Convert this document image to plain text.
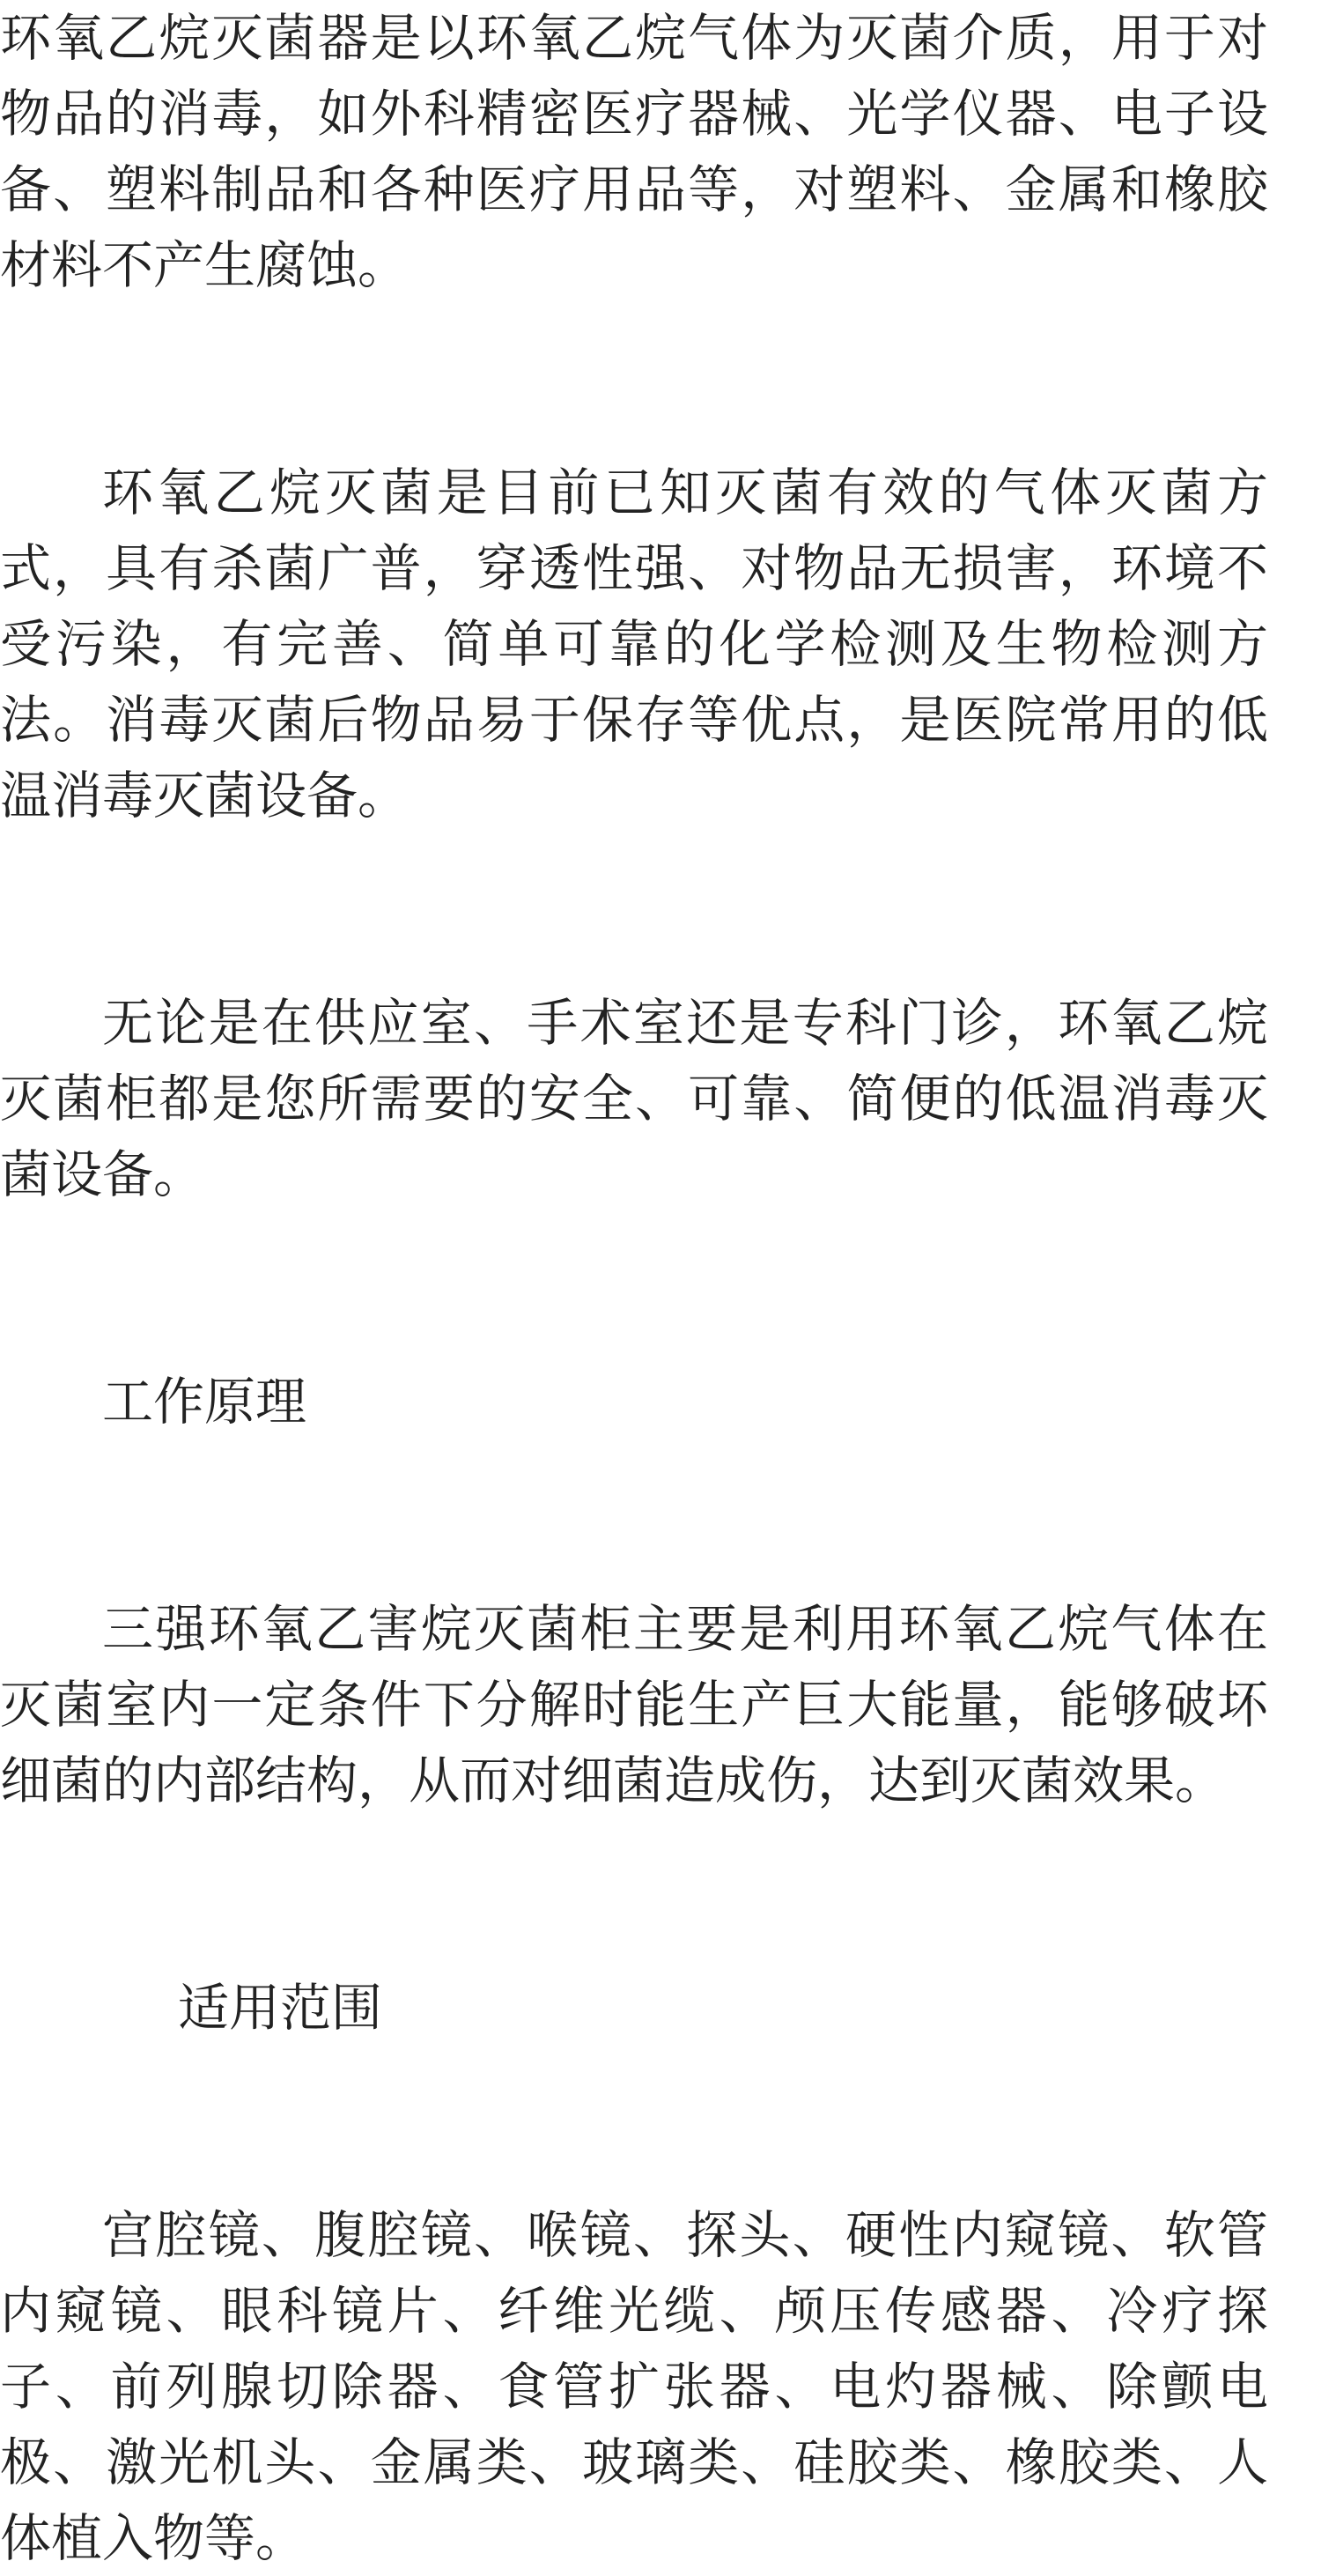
环氧乙烷灭菌器是以环氧乙烷气体为灭菌介质，用于对物品的消毒，如外科精密医疗器械、光学仪器、电子设备、塑料制品和各种医疗用品等，对塑料、金属和橡胶材料不产生腐蚀。

环氧乙烷灭菌是目前已知灭菌有效的气体灭菌方式，具有杀菌广普，穿透性强、对物品无损害，环境不受污染，有完善、简单可靠的化学检测及生物检测方法。消毒灭菌后物品易于保存等优点，是医院常用的低温消毒灭菌设备。

无论是在供应室、手术室还是专科门诊，环氧乙烷灭菌柜都是您所需要的安全、可靠、简便的低温消毒灭菌设备。

工作原理

三强环氧乙害烷灭菌柜主要是利用环氧乙烷气体在灭菌室内一定条件下分解时能生产巨大能量，能够破坏细菌的内部结构，从而对细菌造成伤，达到灭菌效果。

适用范围

宫腔镜、腹腔镜、喉镜、探头、硬性内窥镜、软管内窥镜、眼科镜片、纤维光缆、颅压传感器、冷疗探子、前列腺切除器、食管扩张器、电灼器械、除颤电极、激光机头、金属类、玻璃类、硅胶类、橡胶类、人体植入物等。
